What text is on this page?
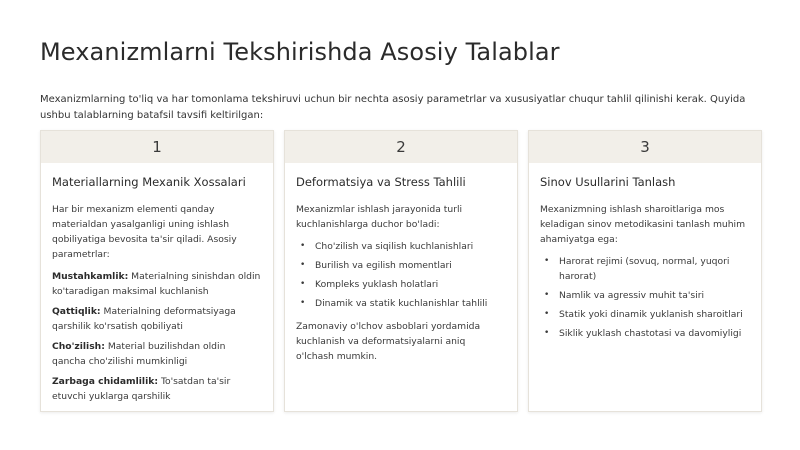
Mexanizmlarni Tekshirishda Asosiy Talablar

Mexanizmlarning to'liq va har tomonlama tekshiruvi uchun bir nechta asosiy parametrlar va xususiyatlar chuqur tahlil qilinishi kerak. Quyida ushbu talablarning batafsil tavsifi keltirilgan:

1
Materiallarning Mexanik Xossalari
Har bir mexanizm elementi qanday materialdan yasalganligi uning ishlash qobiliyatiga bevosita ta'sir qiladi. Asosiy parametrlar:
Mustahkamlik: Materialning sinishdan oldin ko'taradigan maksimal kuchlanish
Qattiqlik: Materialning deformatsiyaga qarshilik ko'rsatish qobiliyati
Cho'zilish: Material buzilishdan oldin qancha cho'zilishi mumkinligi
Zarbaga chidamlilik: To'satdan ta'sir etuvchi yuklarga qarshilik
2
Deformatsiya va Stress Tahlili
Mexanizmlar ishlash jarayonida turli kuchlanishlarga duchor bo'ladi:
• Cho'zilish va siqilish kuchlanishlari
• Burilish va egilish momentlari
• Kompleks yuklash holatlari
• Dinamik va statik kuchlanishlar tahlili
Zamonaviy o'lchov asboblari yordamida kuchlanish va deformatsiyalarni aniq o'lchash mumkin.
3
Sinov Usullarini Tanlash
Mexanizmning ishlash sharoitlariga mos keladigan sinov metodikasini tanlash muhim ahamiyatga ega:
• Harorat rejimi (sovuq, normal, yuqori harorat)
• Namlik va agressiv muhit ta'siri
• Statik yoki dinamik yuklanish sharoitlari
• Siklik yuklash chastotasi va davomiyligi
